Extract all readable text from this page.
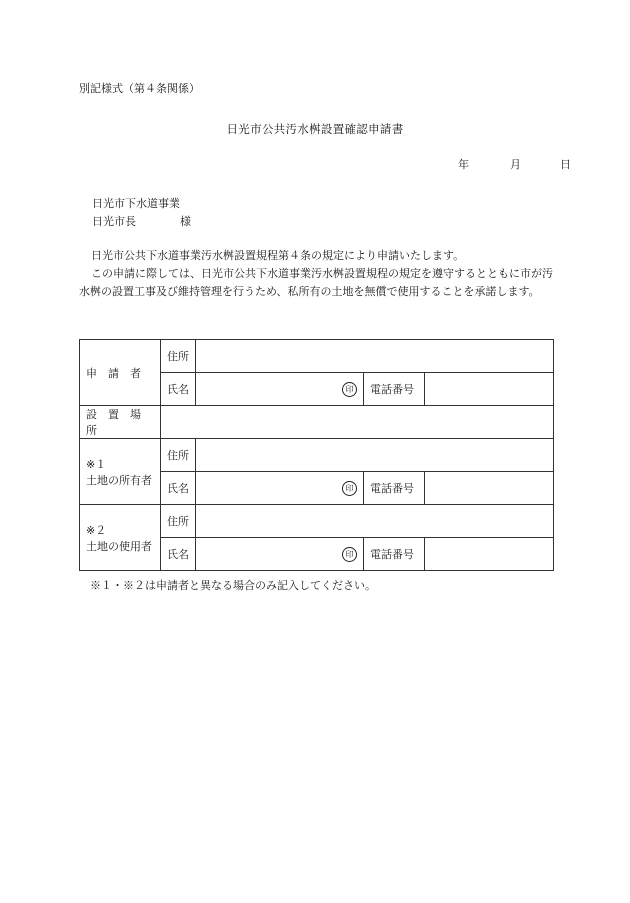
別記様式（第４条関係）
日光市公共汚水桝設置確認申請書
年	月	日
日光市下水道事業
日光市長	様
日光市公共下水道事業汚水桝設置規程第４条の規定により申請いたします。
この申請に際しては、日光市公共下水道事業汚水桝設置規程の規定を遵守するとともに市が汚水桝の設置工事及び維持管理を行うため、私所有の土地を無償で使用することを承諾します。
申　請　者	住所			
	氏名	印	電話番号	
設　置　場　所				

※１
土地の所有者	住所			
	氏名	印	電話番号	

※２
土地の使用者	住所			
	氏名	印	電話番号	
※１・※２は申請者と異なる場合のみ記入してください。
